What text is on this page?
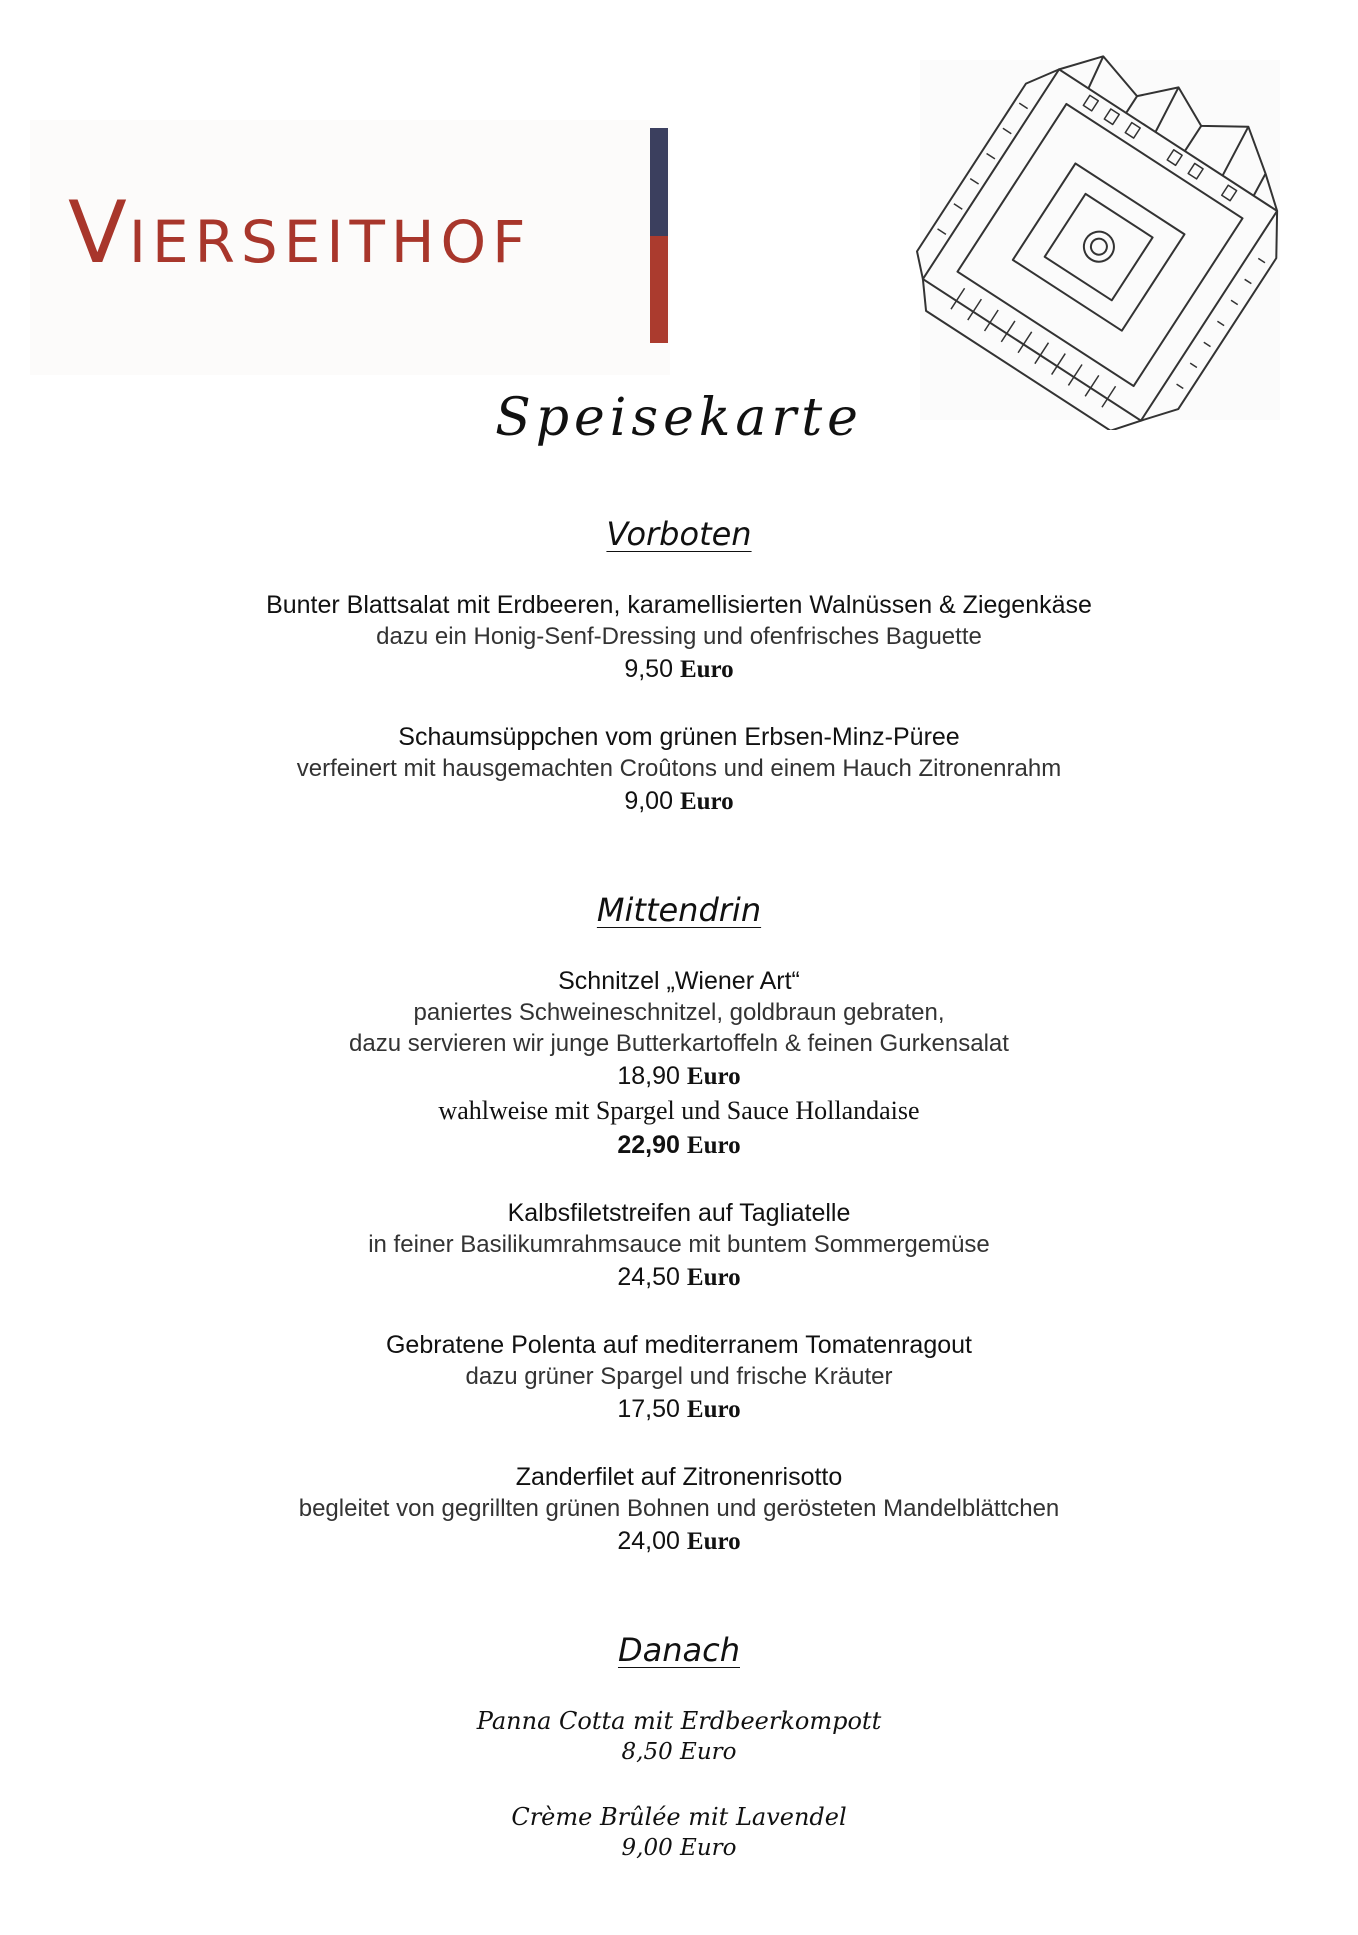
VIERSEITHOF
Speisekarte
Vorboten
Bunter Blattsalat mit Erdbeeren, karamellisierten Walnüssen & Ziegenkäse
dazu ein Honig-Senf-Dressing und ofenfrisches Baguette
9,50 Euro
Schaumsüppchen vom grünen Erbsen-Minz-Püree
verfeinert mit hausgemachten Croûtons und einem Hauch Zitronenrahm
9,00 Euro
Mittendrin
Schnitzel „Wiener Art“
paniertes Schweineschnitzel, goldbraun gebraten,
dazu servieren wir junge Butterkartoffeln & feinen Gurkensalat
18,90 Euro
wahlweise mit Spargel und Sauce Hollandaise
22,90 Euro
Kalbsfiletstreifen auf Tagliatelle
in feiner Basilikumrahmsauce mit buntem Sommergemüse
24,50 Euro
Gebratene Polenta auf mediterranem Tomatenragout
dazu grüner Spargel und frische Kräuter
17,50 Euro
Zanderfilet auf Zitronenrisotto
begleitet von gegrillten grünen Bohnen und gerösteten Mandelblättchen
24,00 Euro
Danach
Panna Cotta mit Erdbeerkompott
8,50 Euro
Crème Brûlée mit Lavendel
9,00 Euro
